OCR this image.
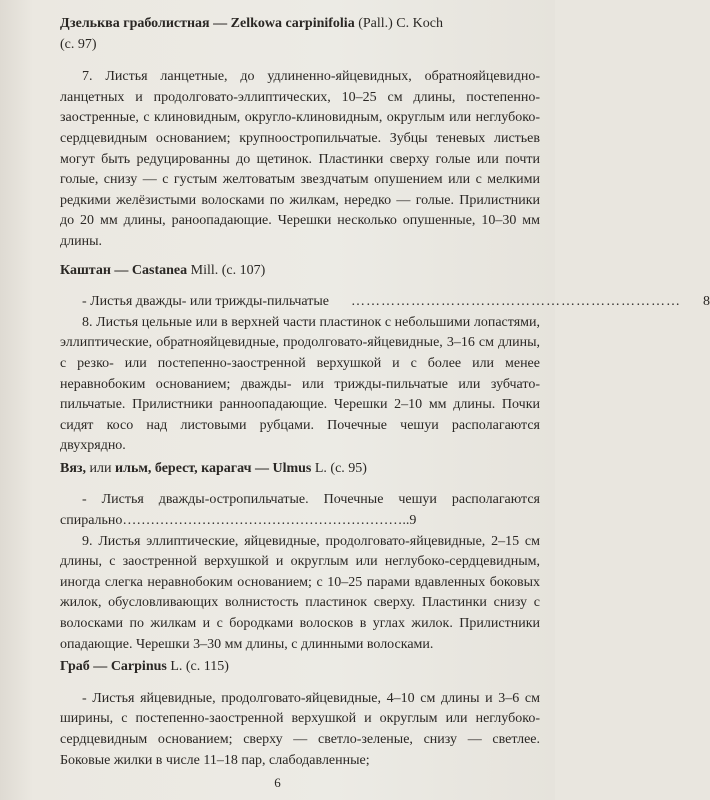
Дзельква граболистная — Zelkowa carpinifolia (Pall.) C. Koch
(с. 97)

7. Листья ланцетные, до удлиненно-яйцевидных, обратнояйцевидно-ланцетных и продолговато-эллиптических, 10–25 см длины, постепенно-заостренные, с клиновидным, округло-клиновидным, округлым или неглубоко-сердцевидным основанием; крупноостропильчатые. Зубцы теневых листьев могут быть редуцированны до щетинок. Пластинки сверху голые или почти голые, снизу — с густым желтоватым звездчатым опушением или с мелкими редкими желёзистыми волосками по жилкам, нередко — голые. Прилистники до 20 мм длины, раноопадающие. Черешки несколько опушенные, 10–30 мм длины.

Каштан — Castanea Mill. (с. 107)
- Листья дважды- или трижды-пильчатые	…………………………………………………………	8

8. Листья цельные или в верхней части пластинок с небольшими лопастями, эллиптические, обратнояйцевидные, продолговато-яйцевидные, 3–16 см длины, с резко- или постепенно-заостренной верхушкой и с более или менее неравнобоким основанием; дважды- или трижды-пильчатые или зубчато-пильчатые. Прилистники ранноопадающие. Черешки 2–10 мм длины. Почки сидят косо над листовыми рубцами. Почечные чешуи располагаются двухрядно.

Вяз, или ильм, берест, карагач — Ulmus L. (с. 95)

- Листья дважды-остропильчатые. Почечные чешуи располагаются спирально……………………………………………………..9

9. Листья эллиптические, яйцевидные, продолговато-яйцевидные, 2–15 см длины, с заостренной верхушкой и округлым или неглубоко-сердцевидным, иногда слегка неравнобоким основанием; с 10–25 парами вдавленных боковых жилок, обусловливающих волнистость пластинок сверху. Пластинки снизу с волосками по жилкам и с бородками волосков в углах жилок. Прилистники опадающие. Черешки 3–30 мм длины, с длинными волосками.

Граб — Carpinus L. (с. 115)

- Листья яйцевидные, продолговато-яйцевидные, 4–10 см длины и 3–6 см ширины, с постепенно-заостренной верхушкой и округлым или неглубоко-сердцевидным основанием; сверху — светло-зеленые, снизу — светлее. Боковые жилки в числе 11–18 пар, слабодавленные;

6
